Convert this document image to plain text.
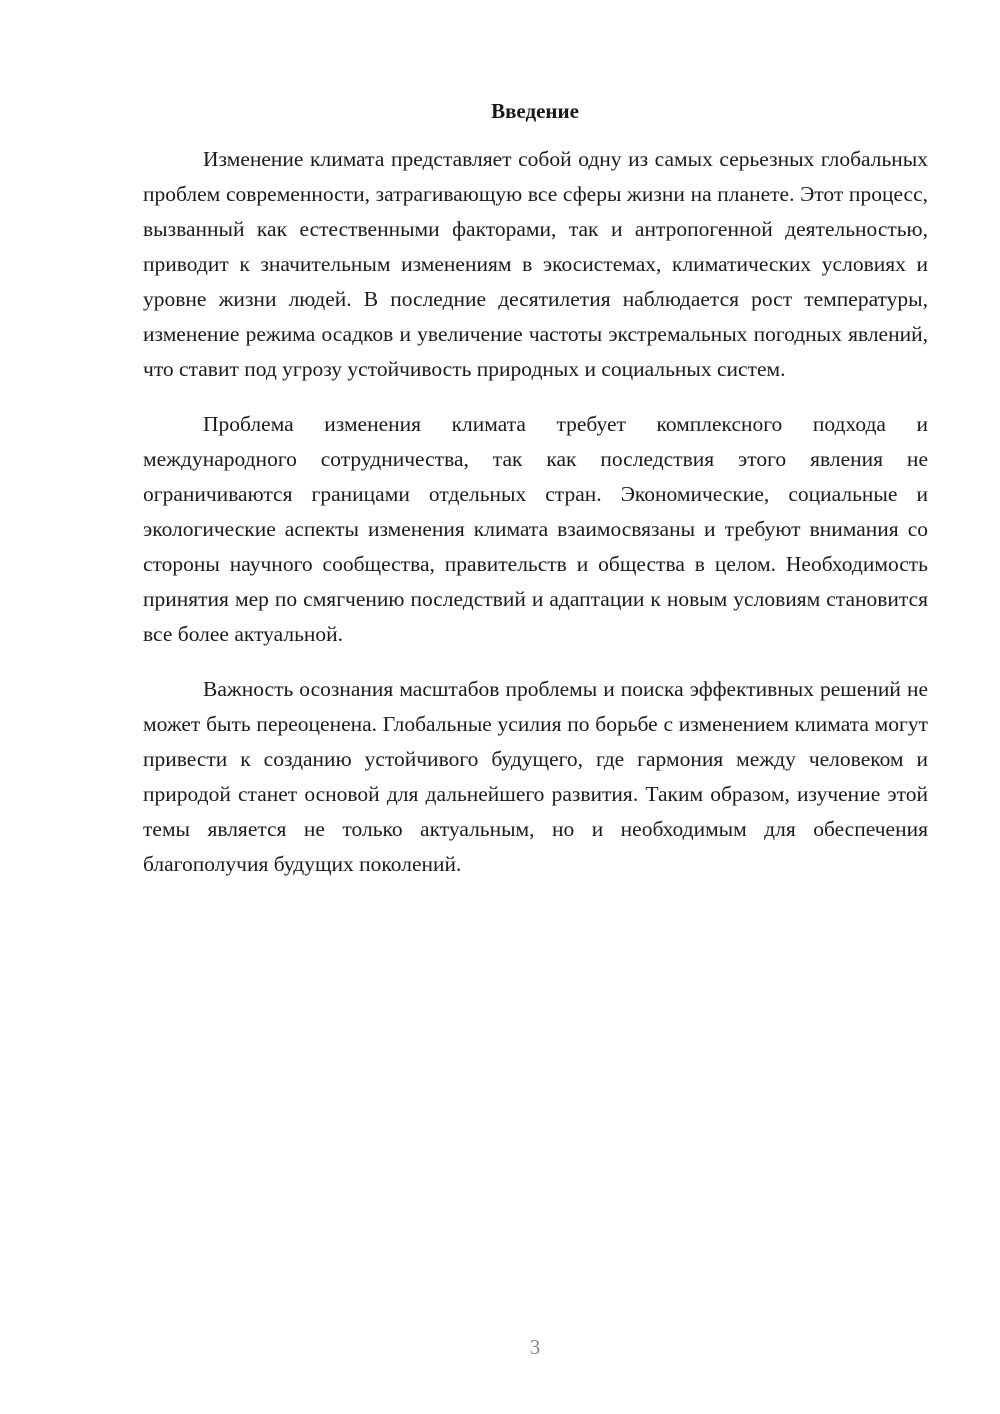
Введение

Изменение климата представляет собой одну из самых серьезных глобальных проблем современности, затрагивающую все сферы жизни на планете. Этот процесс, вызванный как естественными факторами, так и антропогенной деятельностью, приводит к значительным изменениям в экосистемах, климатических условиях и уровне жизни людей. В последние десятилетия наблюдается рост температуры, изменение режима осадков и увеличение частоты экстремальных погодных явлений, что ставит под угрозу устойчивость природных и социальных систем.

Проблема изменения климата требует комплексного подхода и международного сотрудничества, так как последствия этого явления не ограничиваются границами отдельных стран. Экономические, социальные и экологические аспекты изменения климата взаимосвязаны и требуют внимания со стороны научного сообщества, правительств и общества в целом. Необходимость принятия мер по смягчению последствий и адаптации к новым условиям становится все более актуальной.

Важность осознания масштабов проблемы и поиска эффективных решений не может быть переоценена. Глобальные усилия по борьбе с изменением климата могут привести к созданию устойчивого будущего, где гармония между человеком и природой станет основой для дальнейшего развития. Таким образом, изучение этой темы является не только актуальным, но и необходимым для обеспечения благополучия будущих поколений.

3
